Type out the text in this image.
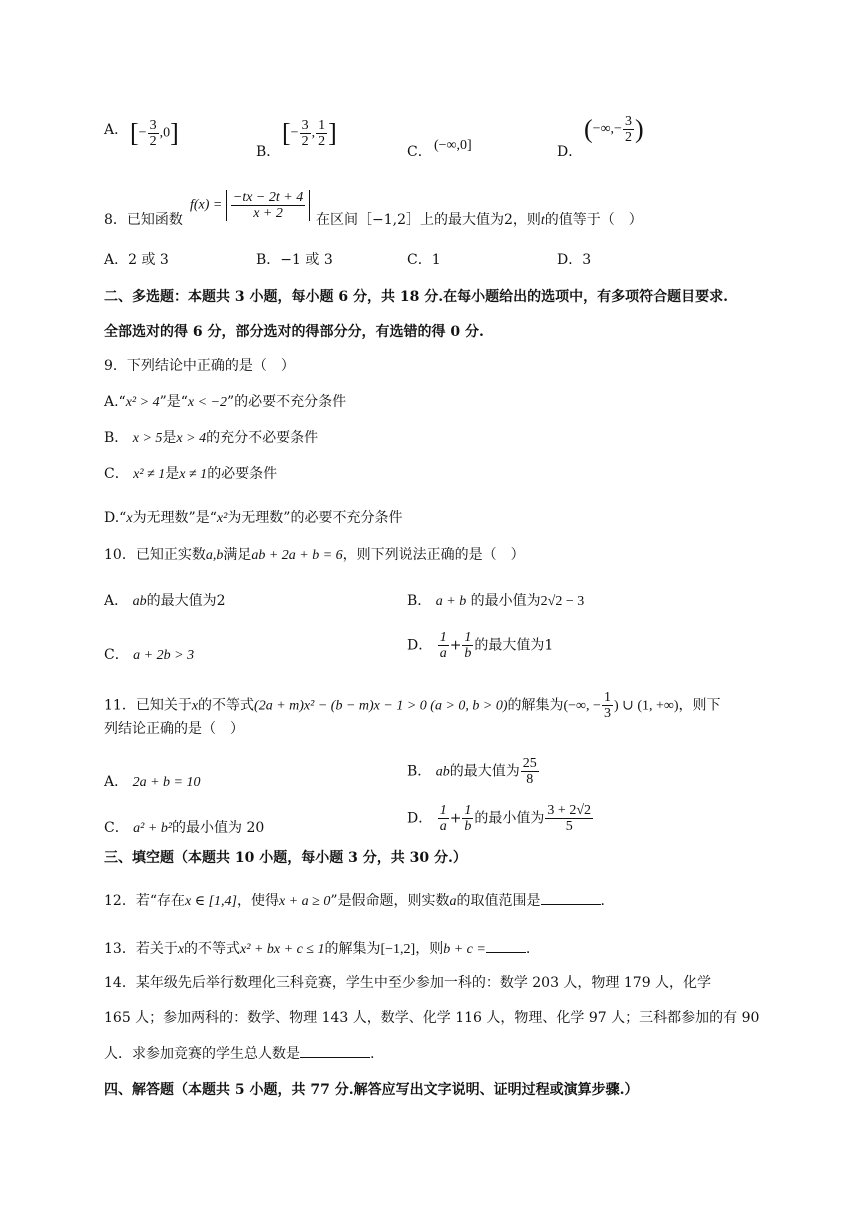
A． [− $\frac{3}{2} ,0$]
B．
[− $\frac{3}{2}$ , $\frac{1}{2}$ ]
C． (−∞,0]	D．
(−∞,− $\frac{3}{2}$ )
8．已知函数
$f(x) = \frac{-tx - 2t + 4}{x + 2}$ 在区间［−1,2］上的最大值为2，则t的值等于（　）
A．2 或 3	B．−1 或 3	C．1	D．3
二、多选题：本题共 3 小题，每小题 6 分，共 18 分.在每小题给出的选项中，有多项符合题目要求.
全部选对的得 6 分，部分选对的得部分分，有选错的得 0 分.
9．下列结论中正确的是（　）
A.“x² > 4”是“x < −2”的必要不充分条件
B． x > 5是x > 4的充分不必要条件
C． x² ≠ 1是x ≠ 1的必要条件
D.“x为无理数”是“x²为无理数”的必要不充分条件
10．已知正实数a,b满足ab + 2a + b = 6，则下列说法正确的是（　）
A． ab的最大值为2	B． a + b 的最小值为2√2 − 3
C． a + 2b > 3
D． $\frac{1}{a} + \frac{1}{b}$ 的最大值为1
11．已知关于x的不等式(2a + m)x² − (b − m)x − 1 > 0 (a > 0, b > 0)的解集为(−∞, − $\frac{1}{3}$ ) ∪ (1, +∞)，则下
列结论正确的是（　）
A． 2a + b = 10
B． ab的最大值为 $\frac{25}{8}$
C． a² + b²的最小值为 20
D． $\frac{1}{a} + \frac{1}{b}$ 的最小值为 $\frac{3 + 2√2}{5}$
三、填空题（本题共 10 小题，每小题 3 分，共 30 分.）
12．若“存在x ∈ [1,4]，使得x + a ≥ 0”是假命题，则实数a的取值范围是	.
13．若关于x的不等式x² + bx + c ≤ 1的解集为[−1,2]，则b + c =	.
14．某年级先后举行数理化三科竞赛，学生中至少参加一科的：数学 203 人，物理 179 人，化学
165 人；参加两科的：数学、物理 143 人，数学、化学 116 人，物理、化学 97 人；三科都参加的有 90
人．求参加竞赛的学生总人数是	.
四、解答题（本题共 5 小题，共 77 分.解答应写出文字说明、证明过程或演算步骤.）
